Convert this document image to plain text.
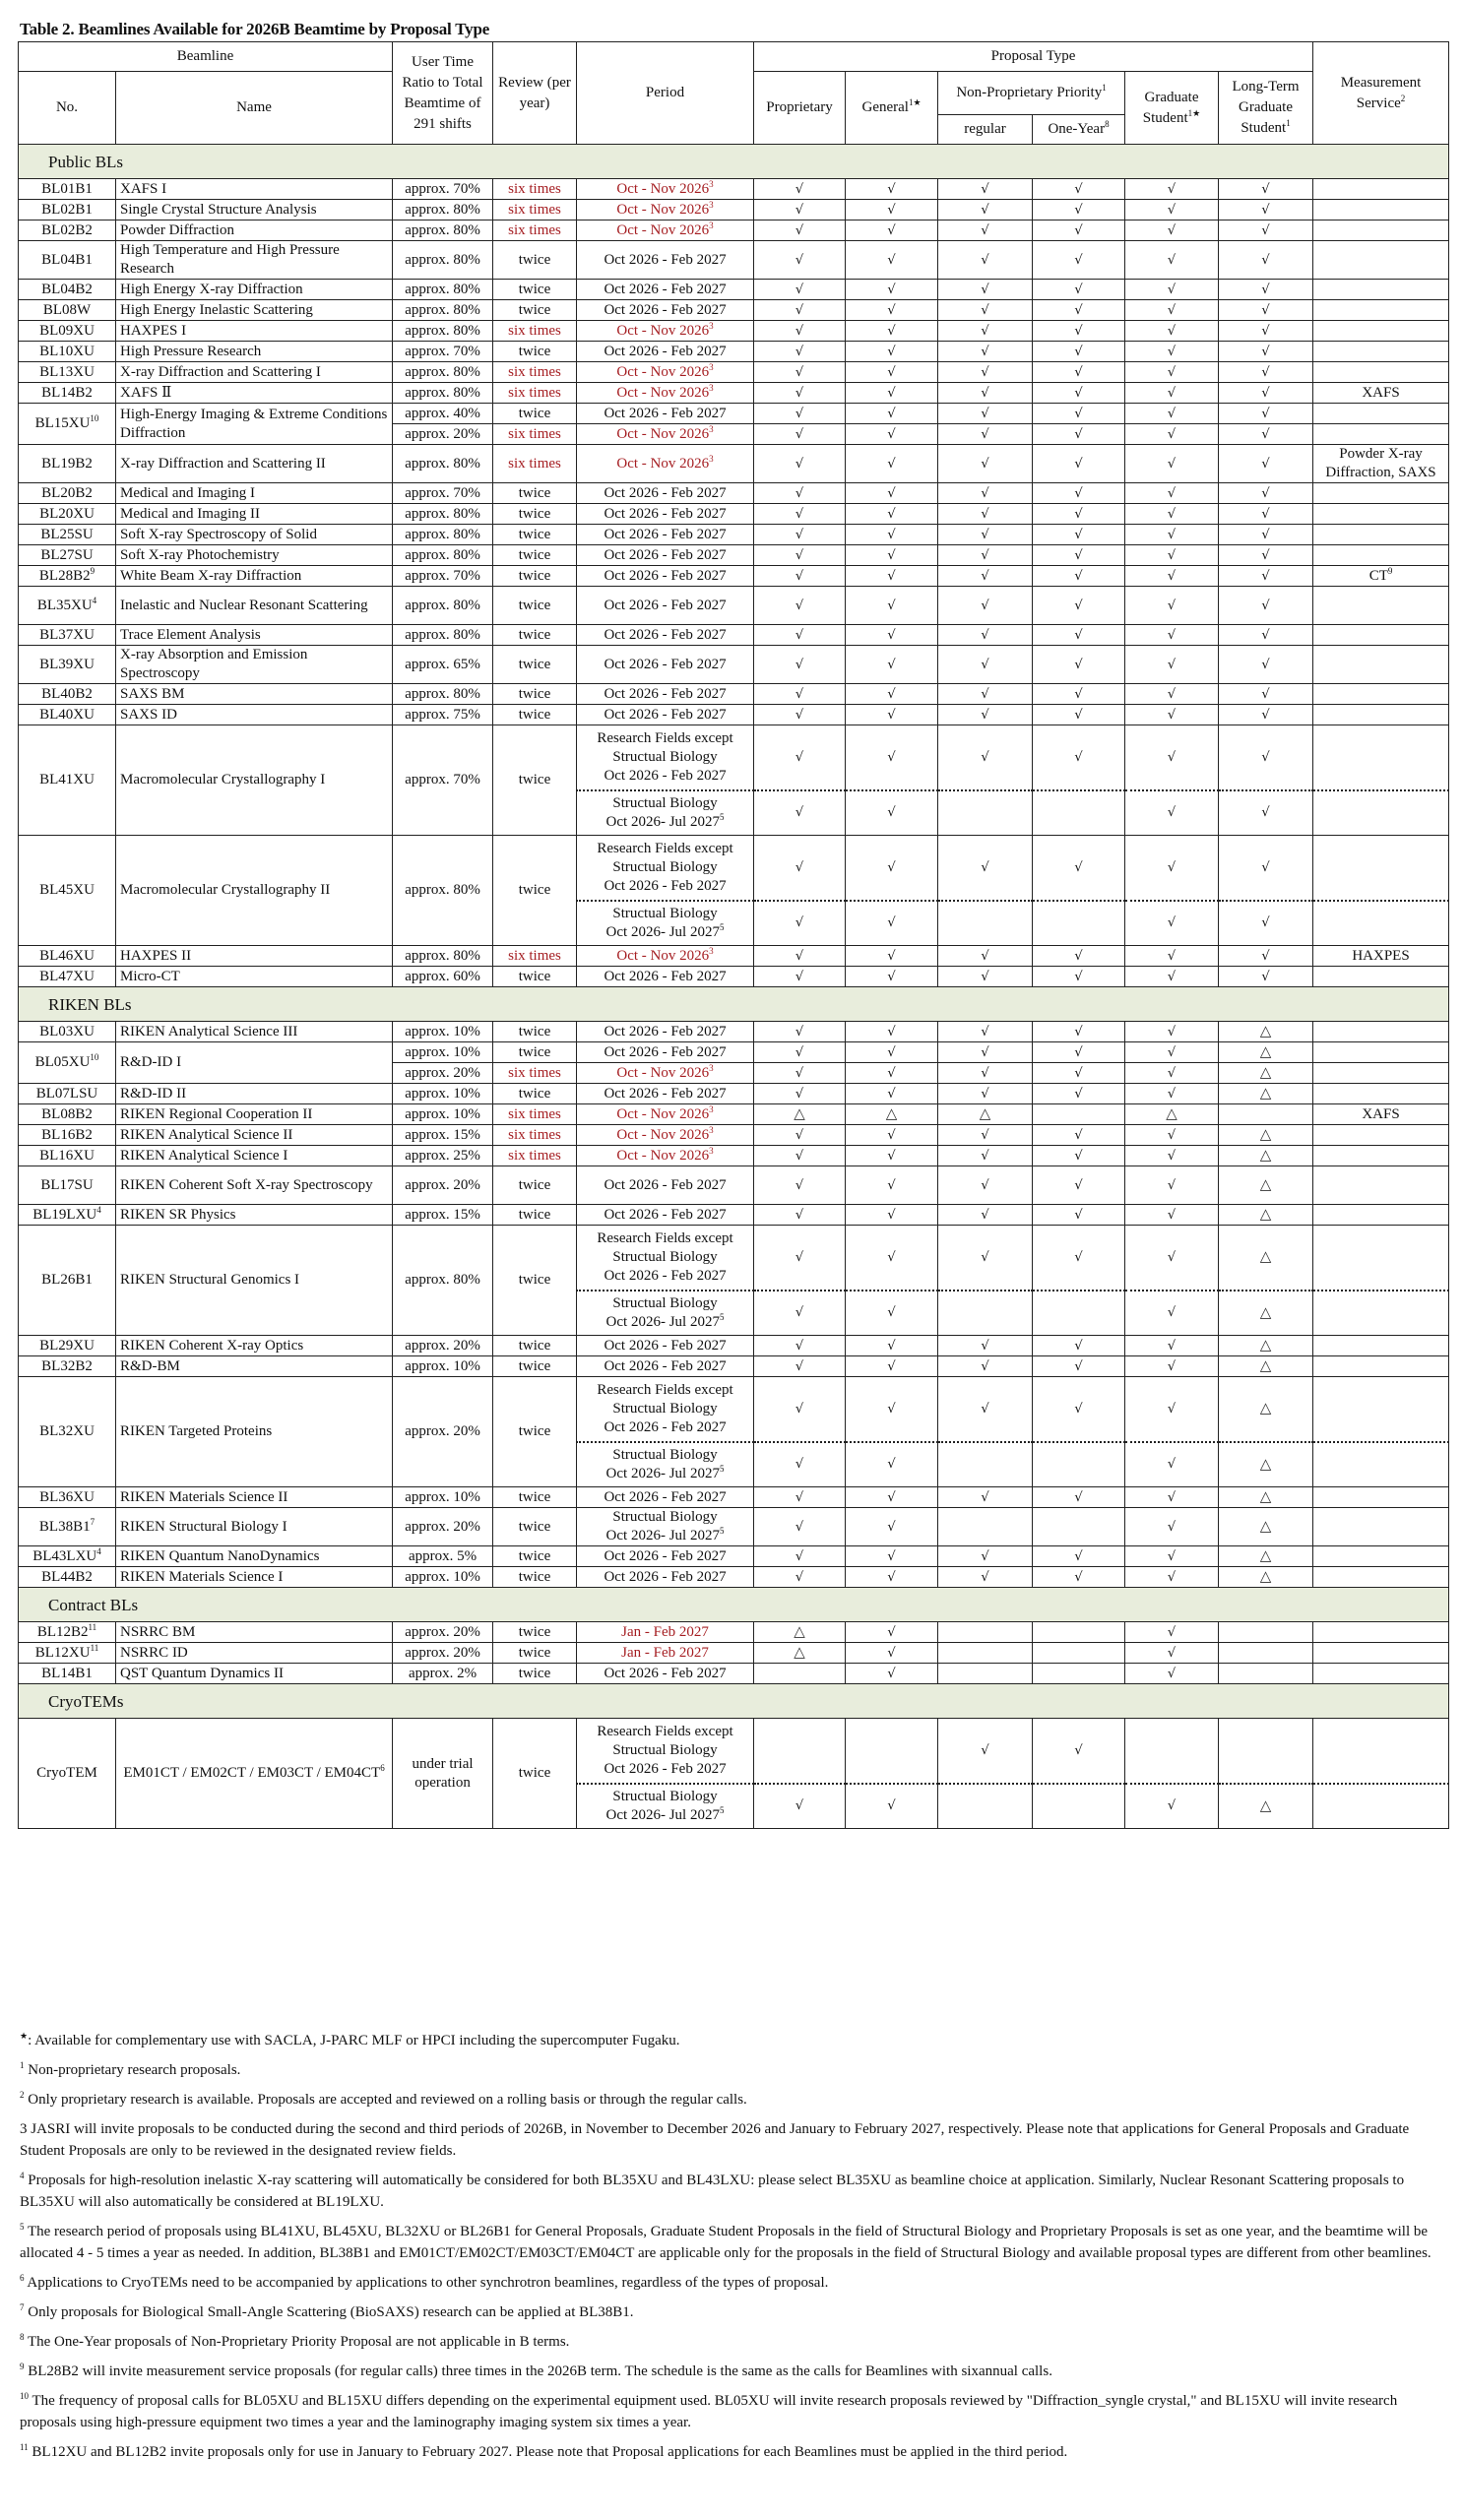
Table 2. Beamlines Available for 2026B Beamtime by Proposal Type
Beamline		User Time Ratio to Total Beamtime of 291 shifts	Review (per year)	Period	Proposal Type						Measurement Service$^2$
No.	Name				Proprietary	General$^{1★}$	Non-Proprietary Priority$^1$		Graduate Student$^{1★}$	Long-Term Graduate Student$^1$
							regular	One-Year$^8$
Public BLs											
BL01B1	XAFS I	approx. 70%	six times	Oct - Nov 2026$^3$	√	√	√	√	√	√	
BL02B1	Single Crystal Structure Analysis	approx. 80%	six times	Oct - Nov 2026$^3$	√	√	√	√	√	√	
BL02B2	Powder Diffraction	approx. 80%	six times	Oct - Nov 2026$^3$	√	√	√	√	√	√	
BL04B1	High Temperature and High Pressure Research	approx. 80%	twice	Oct 2026 - Feb 2027	√	√	√	√	√	√	
BL04B2	High Energy X-ray Diffraction	approx. 80%	twice	Oct 2026 - Feb 2027	√	√	√	√	√	√	
BL08W	High Energy Inelastic Scattering	approx. 80%	twice	Oct 2026 - Feb 2027	√	√	√	√	√	√	
BL09XU	HAXPES I	approx. 80%	six times	Oct - Nov 2026$^3$	√	√	√	√	√	√	
BL10XU	High Pressure Research	approx. 70%	twice	Oct 2026 - Feb 2027	√	√	√	√	√	√	
BL13XU	X-ray Diffraction and Scattering I	approx. 80%	six times	Oct - Nov 2026$^3$	√	√	√	√	√	√	
BL14B2	XAFS Ⅱ	approx. 80%	six times	Oct - Nov 2026$^3$	√	√	√	√	√	√	XAFS
BL15XU$^{10}$	High-Energy Imaging & Extreme Conditions Diffraction	approx. 40%	twice	Oct 2026 - Feb 2027	√	√	√	√	√	√	
		approx. 20%	six times	Oct - Nov 2026$^3$	√	√	√	√	√	√	
BL19B2	X-ray Diffraction and Scattering II	approx. 80%	six times	Oct - Nov 2026$^3$	√	√	√	√	√	√	Powder X-ray Diffraction, SAXS
BL20B2	Medical and Imaging I	approx. 70%	twice	Oct 2026 - Feb 2027	√	√	√	√	√	√	
BL20XU	Medical and Imaging II	approx. 80%	twice	Oct 2026 - Feb 2027	√	√	√	√	√	√	
BL25SU	Soft X-ray Spectroscopy of Solid	approx. 80%	twice	Oct 2026 - Feb 2027	√	√	√	√	√	√	
BL27SU	Soft X-ray Photochemistry	approx. 80%	twice	Oct 2026 - Feb 2027	√	√	√	√	√	√	
$BL28B2^9$	White Beam X-ray Diffraction	approx. 70%	twice	Oct 2026 - Feb 2027	√	√	√	√	√	√	$CT^9$
$BL35XU^4$	Inelastic and Nuclear Resonant Scattering	approx. 80%	twice	Oct 2026 - Feb 2027	√	√	√	√	√	√	
BL37XU	Trace Element Analysis	approx. 80%	twice	Oct 2026 - Feb 2027	√	√	√	√	√	√	
BL39XU	X-ray Absorption and Emission Spectroscopy	approx. 65%	twice	Oct 2026 - Feb 2027	√	√	√	√	√	√	
BL40B2	SAXS BM	approx. 80%	twice	Oct 2026 - Feb 2027	√	√	√	√	√	√	
BL40XU	SAXS ID	approx. 75%	twice	Oct 2026 - Feb 2027	√	√	√	√	√	√	
BL41XU	Macromolecular Crystallography I	approx. 70%	twice	Research Fields except
Structual Biology
Oct 2026 - Feb 2027	√	√	√	√	√	√	

				Structual Biology
Oct 2026- Jul 2027$^5$	√	√			√	√	
BL45XU	Macromolecular Crystallography II	approx. 80%	twice	Research Fields except
Structual Biology
Oct 2026 - Feb 2027	√	√	√	√	√	√	

				Structual Biology
Oct 2026- Jul 2027$^5$	√	√			√	√	
BL46XU	HAXPES II	approx. 80%	six times	Oct - Nov 2026$^3$	√	√	√	√	√	√	HAXPES
BL47XU	Micro-CT	approx. 60%	twice	Oct 2026 - Feb 2027	√	√	√	√	√	√	
RIKEN BLs											
BL03XU	RIKEN Analytical Science III	approx. 10%	twice	Oct 2026 - Feb 2027	√	√	√	√	√	△	
BL05XU$^{10}$	R&D-ID I	approx. 10%	twice	Oct 2026 - Feb 2027	√	√	√	√	√	△	
		approx. 20%	six times	Oct - Nov 2026$^3$	√	√	√	√	√	△	
BL07LSU	R&D-ID II	approx. 10%	twice	Oct 2026 - Feb 2027	√	√	√	√	√	△	
BL08B2	RIKEN Regional Cooperation II	approx. 10%	six times	Oct - Nov 2026$^3$	△	△	△		△		XAFS
BL16B2	RIKEN Analytical Science II	approx. 15%	six times	Oct - Nov 2026$^3$	√	√	√	√	√	△	
BL16XU	RIKEN Analytical Science I	approx. 25%	six times	Oct - Nov 2026$^3$	√	√	√	√	√	△	
BL17SU	RIKEN Coherent Soft X-ray Spectroscopy	approx. 20%	twice	Oct 2026 - Feb 2027	√	√	√	√	√	△	
BL19LXU$^4$	RIKEN SR Physics	approx. 15%	twice	Oct 2026 - Feb 2027	√	√	√	√	√	△	
BL26B1	RIKEN Structural Genomics I	approx. 80%	twice	Research Fields except
Structual Biology
Oct 2026 - Feb 2027	√	√	√	√	√	△	

				Structual Biology
Oct 2026- Jul 2027$^5$	√	√			√	△	
BL29XU	RIKEN Coherent X-ray Optics	approx. 20%	twice	Oct 2026 - Feb 2027	√	√	√	√	√	△	
BL32B2	R&D-BM	approx. 10%	twice	Oct 2026 - Feb 2027	√	√	√	√	√	△	
BL32XU	RIKEN Targeted Proteins	approx. 20%	twice	Research Fields except
Structual Biology
Oct 2026 - Feb 2027	√	√	√	√	√	△	

				Structual Biology
Oct 2026- Jul 2027$^5$	√	√			√	△	
BL36XU	RIKEN Materials Science II	approx. 10%	twice	Oct 2026 - Feb 2027	√	√	√	√	√	△	
$BL38B1^7$	RIKEN Structural Biology I	approx. 20%	twice	Structual Biology
Oct 2026- Jul 2027$^5$	√	√			√	△	
BL43LXU$^4$	RIKEN Quantum NanoDynamics	approx. 5%	twice	Oct 2026 - Feb 2027	√	√	√	√	√	△	
BL44B2	RIKEN Materials Science I	approx. 10%	twice	Oct 2026 - Feb 2027	√	√	√	√	√	△	
Contract BLs											
$BL12B2^{11}$	NSRRC BM	approx. 20%	twice	Jan - Feb 2027	△	√			√		
BL12XU$^{11}$	NSRRC ID	approx. 20%	twice	Jan - Feb 2027	△	√			√		
BL14B1	QST Quantum Dynamics II	approx. 2%	twice	Oct 2026 - Feb 2027		√			√		
CryoTEMs											
CryoTEM	$EM01CT / EM02CT / EM03CT / EM04CT^6$	under trial operation	twice	Research Fields except
Structual Biology
Oct 2026 - Feb 2027			√	√			

				Structual Biology
Oct 2026- Jul 2027$^5$	√	√			√	△	

★: Available for complementary use with SACLA, J-PARC MLF or HPCI including the supercomputer Fugaku.

$^1$ Non-proprietary research proposals.

$^2$ Only proprietary research is available. Proposals are accepted and reviewed on a rolling basis or through the regular calls.

3 JASRI will invite proposals to be conducted during the second and third periods of 2026B, in November to December 2026 and January to February 2027, respectively. Please note that applications for General Proposals and Graduate Student Proposals are only to be reviewed in the designated review fields.

$^4$ Proposals for high-resolution inelastic X-ray scattering will automatically be considered for both BL35XU and BL43LXU: please select BL35XU as beamline choice at application. Similarly, Nuclear Resonant Scattering proposals to BL35XU will also automatically be considered at BL19LXU.

$^5$ The research period of proposals using BL41XU, BL45XU, BL32XU or BL26B1 for General Proposals, Graduate Student Proposals in the field of Structural Biology and Proprietary Proposals is set as one year, and the beamtime will be allocated 4 - 5 times a year as needed. In addition, BL38B1 and EM01CT/EM02CT/EM03CT/EM04CT are applicable only for the proposals in the field of Structural Biology and available proposal types are different from other beamlines.

$^6$ Applications to CryoTEMs need to be accompanied by applications to other synchrotron beamlines, regardless of the types of proposal.

$^7$ Only proposals for Biological Small-Angle Scattering (BioSAXS) research can be applied at BL38B1.

$^8$ The One-Year proposals of Non-Proprietary Priority Proposal are not applicable in B terms.

$^9$ BL28B2 will invite measurement service proposals (for regular calls) three times in the 2026B term. The schedule is the same as the calls for Beamlines with sixannual calls.

$^{10}$ The frequency of proposal calls for BL05XU and BL15XU differs depending on the experimental equipment used. BL05XU will invite research proposals reviewed by "Diffraction_syngle crystal," and BL15XU will invite research proposals using high-pressure equipment two times a year and the laminography imaging system six times a year.

$^{11}$ BL12XU and BL12B2 invite proposals only for use in January to February 2027. Please note that Proposal applications for each Beamlines must be applied in the third period.
